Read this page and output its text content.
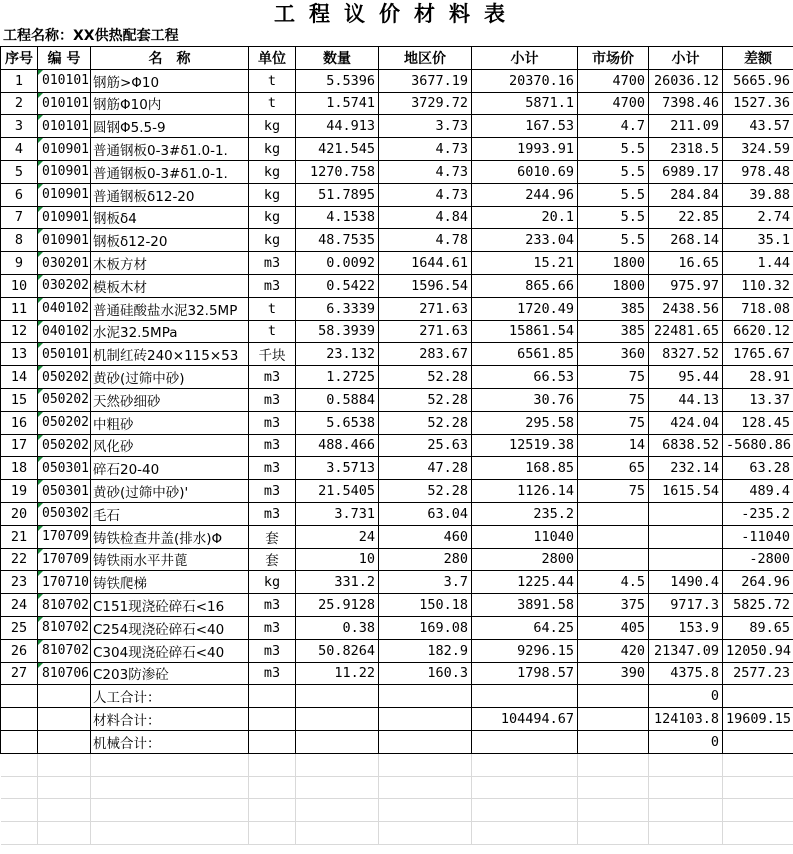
工程议价材料表
工程名称：XX供热配套工程
序号	编 号	名　称	单位	数量	地区价	小计	市场价	小计	差额
1	010101	钢筋>Φ10	t	5.5396	3677.19	20370.16	4700	26036.12	5665.96
2	010101	钢筋Φ10内	t	1.5741	3729.72	5871.1	4700	7398.46	1527.36
3	010101	圆钢Φ5.5-9	kg	44.913	3.73	167.53	4.7	211.09	43.57
4	010901	普通钢板0-3#δ1.0-1.	kg	421.545	4.73	1993.91	5.5	2318.5	324.59
5	010901	普通钢板0-3#δ1.0-1.	kg	1270.758	4.73	6010.69	5.5	6989.17	978.48
6	010901	普通钢板δ12-20	kg	51.7895	4.73	244.96	5.5	284.84	39.88
7	010901	钢板δ4	kg	4.1538	4.84	20.1	5.5	22.85	2.74
8	010901	钢板δ12-20	kg	48.7535	4.78	233.04	5.5	268.14	35.1
9	030201	木板方材	m3	0.0092	1644.61	15.21	1800	16.65	1.44
10	030202	模板木材	m3	0.5422	1596.54	865.66	1800	975.97	110.32
11	040102	普通硅酸盐水泥32.5MP	t	6.3339	271.63	1720.49	385	2438.56	718.08
12	040102	水泥32.5MPa	t	58.3939	271.63	15861.54	385	22481.65	6620.12
13	050101	机制红砖240×115×53	千块	23.132	283.67	6561.85	360	8327.52	1765.67
14	050202	黄砂(过筛中砂)	m3	1.2725	52.28	66.53	75	95.44	28.91
15	050202	天然砂细砂	m3	0.5884	52.28	30.76	75	44.13	13.37
16	050202	中粗砂	m3	5.6538	52.28	295.58	75	424.04	128.45
17	050202	风化砂	m3	488.466	25.63	12519.38	14	6838.52	-5680.86
18	050301	碎石20-40	m3	3.5713	47.28	168.85	65	232.14	63.28
19	050301	黄砂(过筛中砂)'	m3	21.5405	52.28	1126.14	75	1615.54	489.4
20	050302	毛石	m3	3.731	63.04	235.2			-235.2
21	170709	铸铁检查井盖(排水)Φ	套	24	460	11040			-11040
22	170709	铸铁雨水平井蓖	套	10	280	2800			-2800
23	170710	铸铁爬梯	kg	331.2	3.7	1225.44	4.5	1490.4	264.96
24	810702	C151现浇砼碎石<16	m3	25.9128	150.18	3891.58	375	9717.3	5825.72
25	810702	C254现浇砼碎石<40	m3	0.38	169.08	64.25	405	153.9	89.65
26	810702	C304现浇砼碎石<40	m3	50.8264	182.9	9296.15	420	21347.09	12050.94
27	810706	C203防渗砼	m3	11.22	160.3	1798.57	390	4375.8	2577.23
		人工合计：						0	
		材料合计：				104494.67		124103.8	19609.15
		机械合计：						0	
